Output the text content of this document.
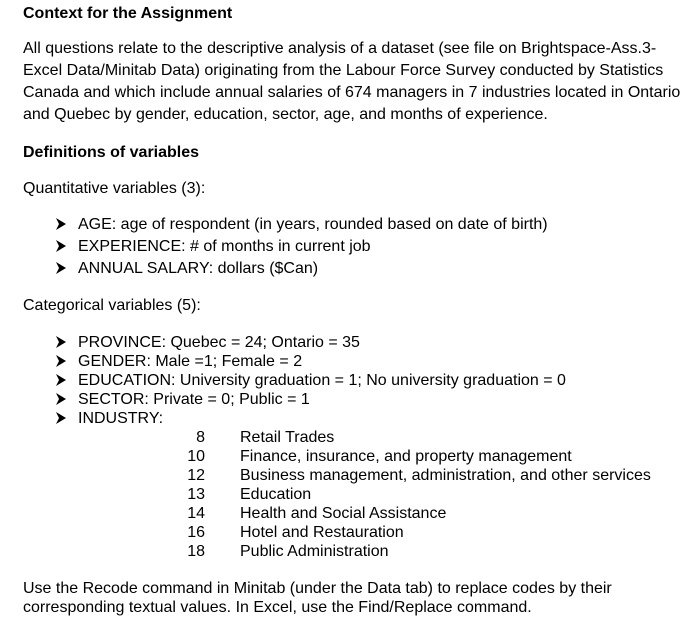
Context for the Assignment
All questions relate to the descriptive analysis of a dataset (see file on Brightspace-Ass.3-Excel Data/Minitab Data) originating from the Labour Force Survey conducted by Statistics Canada and which include annual salaries of 674 managers in 7 industries located in Ontario and Quebec by gender, education, sector, age, and months of experience.
Definitions of variables
Quantitative variables (3):
AGE: age of respondent (in years, rounded based on date of birth)
EXPERIENCE: # of months in current job
ANNUAL SALARY: dollars ($Can)
Categorical variables (5):
PROVINCE: Quebec = 24; Ontario = 35
GENDER: Male =1; Female = 2
EDUCATION: University graduation = 1; No university graduation = 0
SECTOR: Private = 0; Public = 1
INDUSTRY:
8 Retail Trades
10 Finance, insurance, and property management
12 Business management, administration, and other services
13 Education
14 Health and Social Assistance
16 Hotel and Restauration
18 Public Administration
Use the Recode command in Minitab (under the Data tab) to replace codes by their corresponding textual values. In Excel, use the Find/Replace command.
